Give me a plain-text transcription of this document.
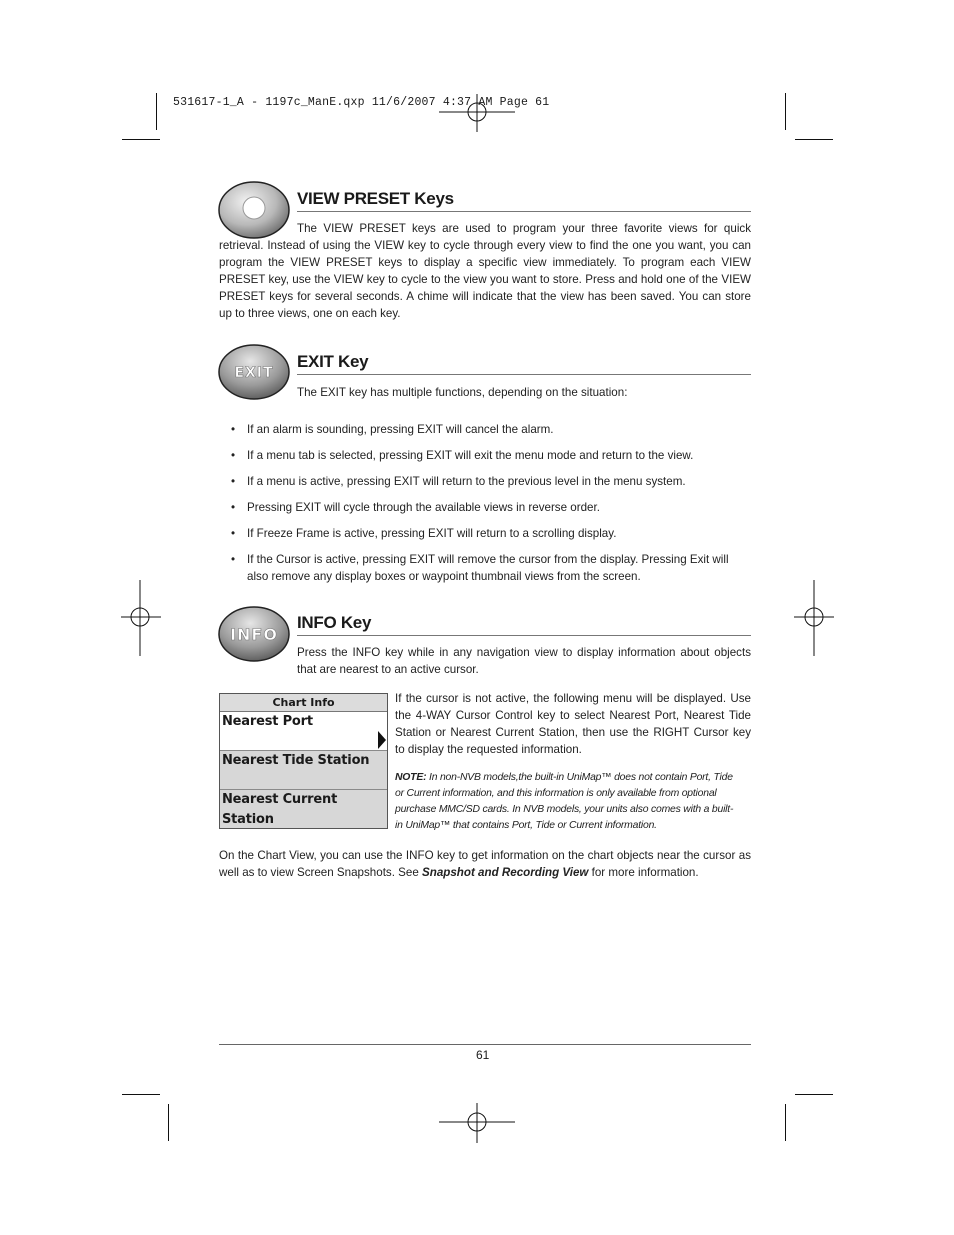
531617-1_A - 1197c_ManE.qxp 11/6/2007 4:37 AM Page 61
VIEW PRESET Keys
The VIEW PRESET keys are used to program your three favorite views for quick retrieval. Instead of using the VIEW key to cycle through every view to find the one you want, you can program the VIEW PRESET keys to display a specific view immediately. To program each VIEW PRESET key, use the VIEW key to cycle to the view you want to store. Press and hold one of the VIEW PRESET keys for several seconds. A chime will indicate that the view has been saved. You can store up to three views, one on each key.
EXIT
EXIT Key
The EXIT key has multiple functions, depending on the situation:
• If an alarm is sounding, pressing EXIT will cancel the alarm.
• If a menu tab is selected, pressing EXIT will exit the menu mode and return to the view.
• If a menu is active, pressing EXIT will return to the previous level in the menu system.
• Pressing EXIT will cycle through the available views in reverse order.
• If Freeze Frame is active, pressing EXIT will return to a scrolling display.
• If the Cursor is active, pressing EXIT will remove the cursor from the display. Pressing Exit will also remove any display boxes or waypoint thumbnail views from the screen.
INFO
INFO Key
Press the INFO key while in any navigation view to display information about objects that are nearest to an active cursor.
Chart Info
Nearest Port
Nearest Tide Station
Nearest Current Station
If the cursor is not active, the following menu will be displayed. Use the 4-WAY Cursor Control key to select Nearest Port, Nearest Tide Station or Nearest Current Station, then use the RIGHT Cursor key to display the requested information.
NOTE: In non-NVB models,the built-in UniMap™ does not contain Port, Tide or Current information, and this information is only available from optional purchase MMC/SD cards. In NVB models, your units also comes with a built-in UniMap™ that contains Port, Tide or Current information.
On the Chart View, you can use the INFO key to get information on the chart objects near the cursor as well as to view Screen Snapshots. See Snapshot and Recording View for more information.
61
